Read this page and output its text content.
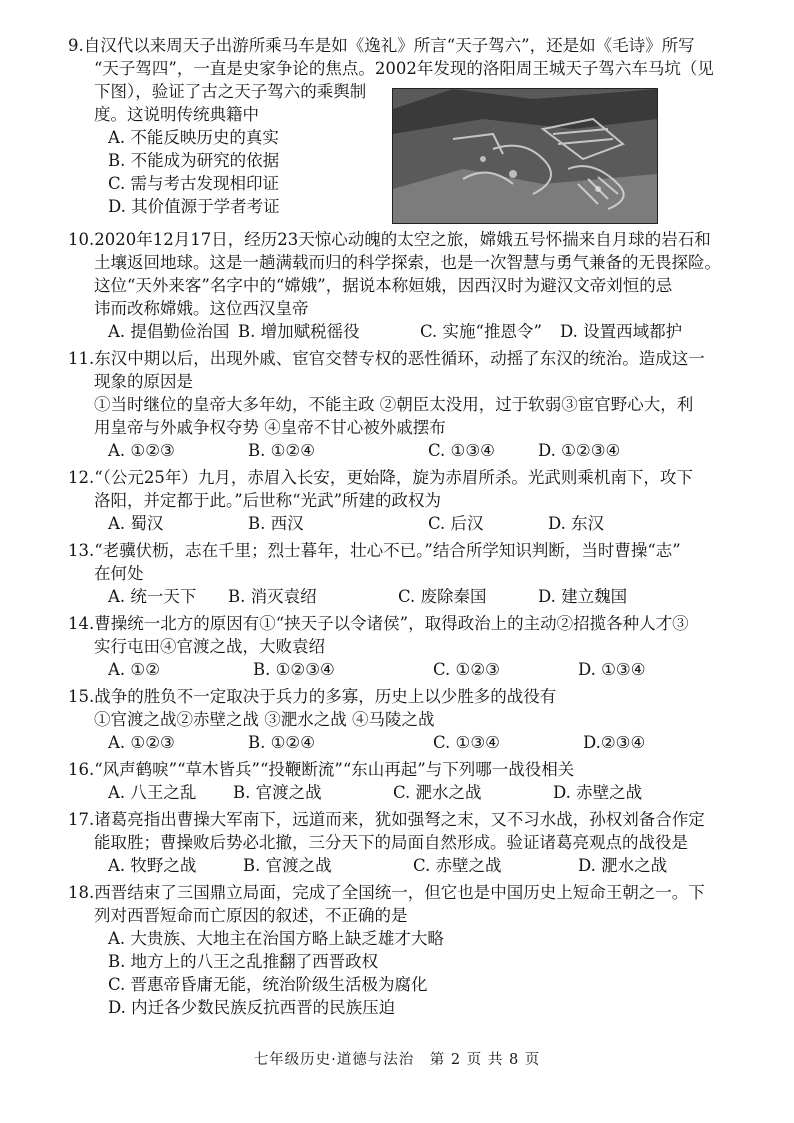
9.自汉代以来周天子出游所乘马车是如《逸礼》所言“天子驾六”，还是如《毛诗》所写
“天子驾四”，一直是史家争论的焦点。2002年发现的洛阳周王城天子驾六车马坑（见
下图），验证了古之天子驾六的乘舆制
度。这说明传统典籍中
A. 不能反映历史的真实
B. 不能成为研究的依据
C. 需与考古发现相印证
D. 其价值源于学者考证
10.2020年12月17日，经历23天惊心动魄的太空之旅，嫦娥五号怀揣来自月球的岩石和
土壤返回地球。这是一趟满载而归的科学探索，也是一次智慧与勇气兼备的无畏探险。
这位“天外来客”名字中的“嫦娥”，据说本称姮娥，因西汉时为避汉文帝刘恒的忌
讳而改称嫦娥。这位西汉皇帝
A. 提倡勤俭治国 B. 增加赋税徭役	C. 实施“推恩令”	D. 设置西域都护
11.东汉中期以后，出现外戚、宦官交替专权的恶性循环，动摇了东汉的统治。造成这一
现象的原因是
①当时继位的皇帝大多年幼，不能主政 ②朝臣太没用，过于软弱③宦官野心大，利
用皇帝与外戚争权夺势 ④皇帝不甘心被外戚摆布
A. ①②③	B. ①②④	C. ①③④	D. ①②③④
12.“（公元25年）九月，赤眉入长安，更始降，旋为赤眉所杀。光武则乘机南下，攻下
洛阳，并定都于此。”后世称“光武”所建的政权为
A. 蜀汉	B. 西汉	C. 后汉	D. 东汉
13.“老骥伏枥，志在千里；烈士暮年，壮心不已。”结合所学知识判断，当时曹操“志”
在何处
A. 统一天下	B. 消灭袁绍	C. 废除秦国	D. 建立魏国
14.曹操统一北方的原因有①“挟天子以令诸侯”，取得政治上的主动②招揽各种人才③
实行屯田④官渡之战，大败袁绍
A. ①②	B. ①②③④	C. ①②③	D. ①③④
15.战争的胜负不一定取决于兵力的多寡，历史上以少胜多的战役有
①官渡之战②赤壁之战 ③淝水之战 ④马陵之战
A. ①②③	B. ①②④	C. ①③④	D.②③④
16.“风声鹤唳”“草木皆兵”“投鞭断流”“东山再起”与下列哪一战役相关
A. 八王之乱	B. 官渡之战	C. 淝水之战	D. 赤壁之战
17.诸葛亮指出曹操大军南下，远道而来，犹如强弩之末，又不习水战，孙权刘备合作定
能取胜；曹操败后势必北撤，三分天下的局面自然形成。验证诸葛亮观点的战役是
A. 牧野之战	B. 官渡之战	C. 赤壁之战	D. 淝水之战
18.西晋结束了三国鼎立局面，完成了全国统一，但它也是中国历史上短命王朝之一。下
列对西晋短命而亡原因的叙述，不正确的是
A. 大贵族、大地主在治国方略上缺乏雄才大略
B. 地方上的八王之乱推翻了西晋政权
C. 晋惠帝昏庸无能，统治阶级生活极为腐化
D. 内迁各少数民族反抗西晋的民族压迫
七年级历史·道德与法治　第 2 页 共 8 页
